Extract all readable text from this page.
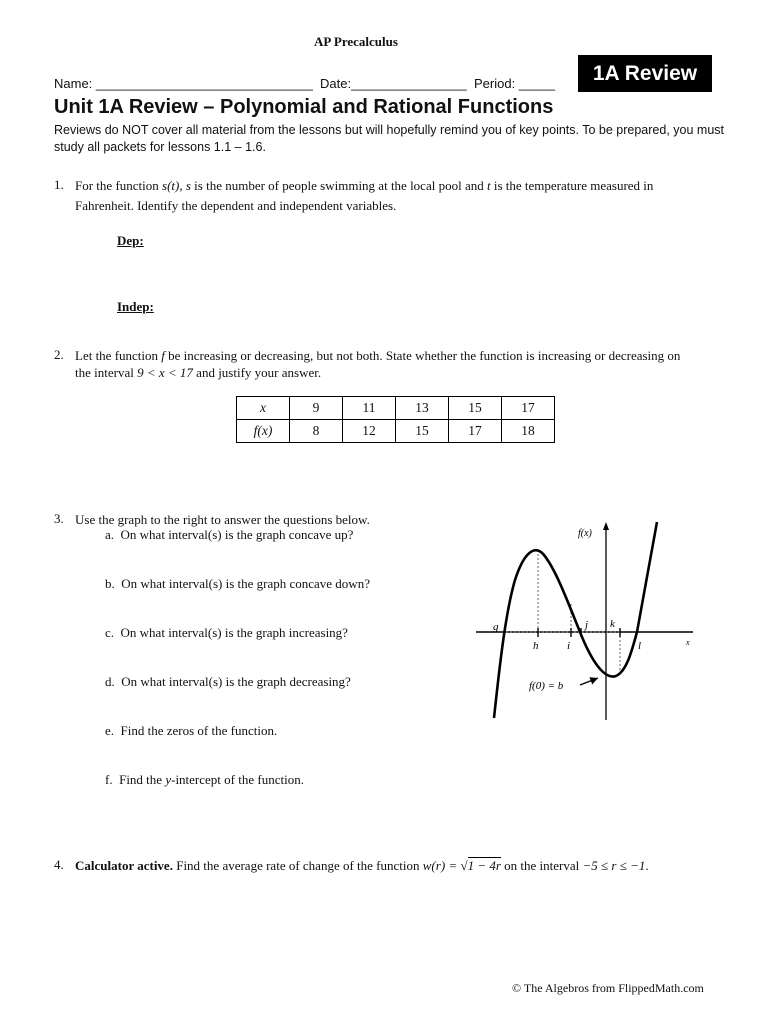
AP Precalculus
1A Review
Name: ______________________________  Date:________________  Period: _____
Unit 1A Review – Polynomial and Rational Functions
Reviews do NOT cover all material from the lessons but will hopefully remind you of key points. To be prepared, you must study all packets for lessons 1.1 – 1.6.
1. For the function s(t), s is the number of people swimming at the local pool and t is the temperature measured in
Fahrenheit. Identify the dependent and independent variables.
Dep:
Indep:
2. Let the function f be increasing or decreasing, but not both. State whether the function is increasing or decreasing on
the interval 9 < x < 17 and justify your answer.
x	9	11	13	15	17
f(x)	8	12	15	17	18
3. Use the graph to the right to answer the questions below.
a. On what interval(s) is the graph concave up?
b. On what interval(s) is the graph concave down?
c. On what interval(s) is the graph increasing?
d. On what interval(s) is the graph decreasing?
e. Find the zeros of the function.
f. Find the y-intercept of the function.
f(x)
x
g
h	i
j k
l
f(0) = b
4. Calculator active. Find the average rate of change of the function w(r) = √1 − 4r on the interval −5 ≤ r ≤ −1.
© The Algebros from FlippedMath.com
